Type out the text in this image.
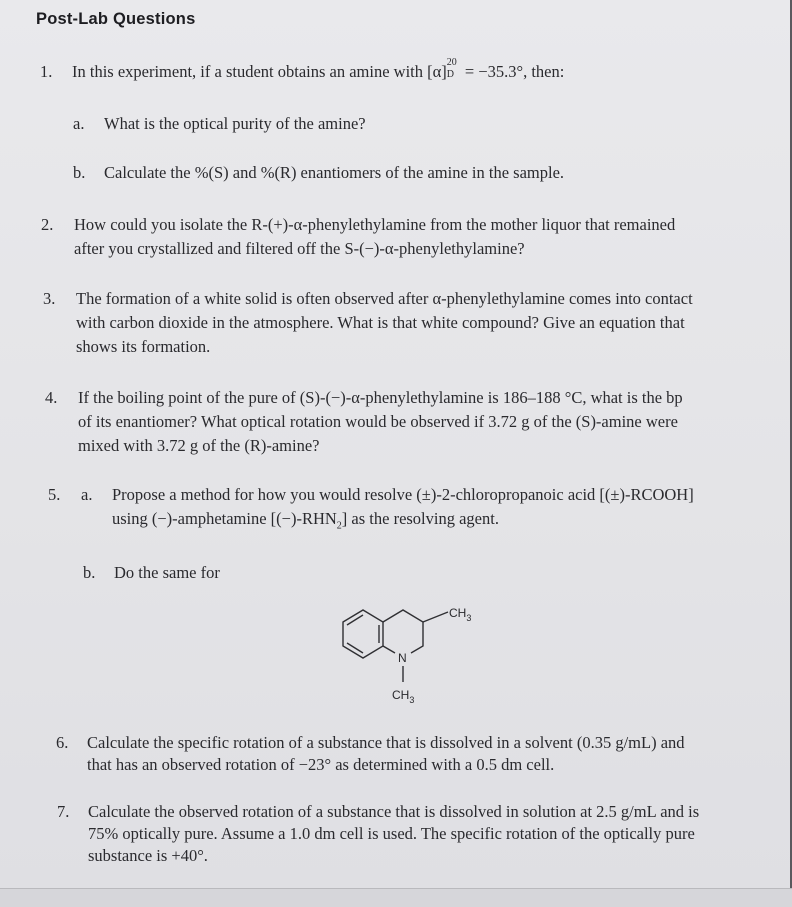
Post-Lab Questions
1. In this experiment, if a student obtains an amine with [α] 20
D = −35.3°, then:
a. What is the optical purity of the amine?
b. Calculate the %(S) and %(R) enantiomers of the amine in the sample.
2. How could you isolate the R-(+)-α-phenylethylamine from the mother liquor that remained
after you crystallized and filtered off the S-(−)-α-phenylethylamine?
3. The formation of a white solid is often observed after α-phenylethylamine comes into contact
with carbon dioxide in the atmosphere. What is that white compound? Give an equation that
shows its formation.
4. If the boiling point of the pure of (S)-(−)-α-phenylethylamine is 186–188 °C, what is the bp
of its enantiomer? What optical rotation would be observed if 3.72 g of the (S)-amine were
mixed with 3.72 g of the (R)-amine?
5. a. Propose a method for how you would resolve (±)-2-chloropropanoic acid [(±)-RCOOH]
using (−)-amphetamine $[(-)-RHN_2]$ as the resolving agent.
b. Do the same for
$CH_3$
N
$CH_3$
6. Calculate the specific rotation of a substance that is dissolved in a solvent (0.35 g/mL) and
that has an observed rotation of −23° as determined with a 0.5 dm cell.
7. Calculate the observed rotation of a substance that is dissolved in solution at 2.5 g/mL and is
75% optically pure. Assume a 1.0 dm cell is used. The specific rotation of the optically pure
substance is +40°.
